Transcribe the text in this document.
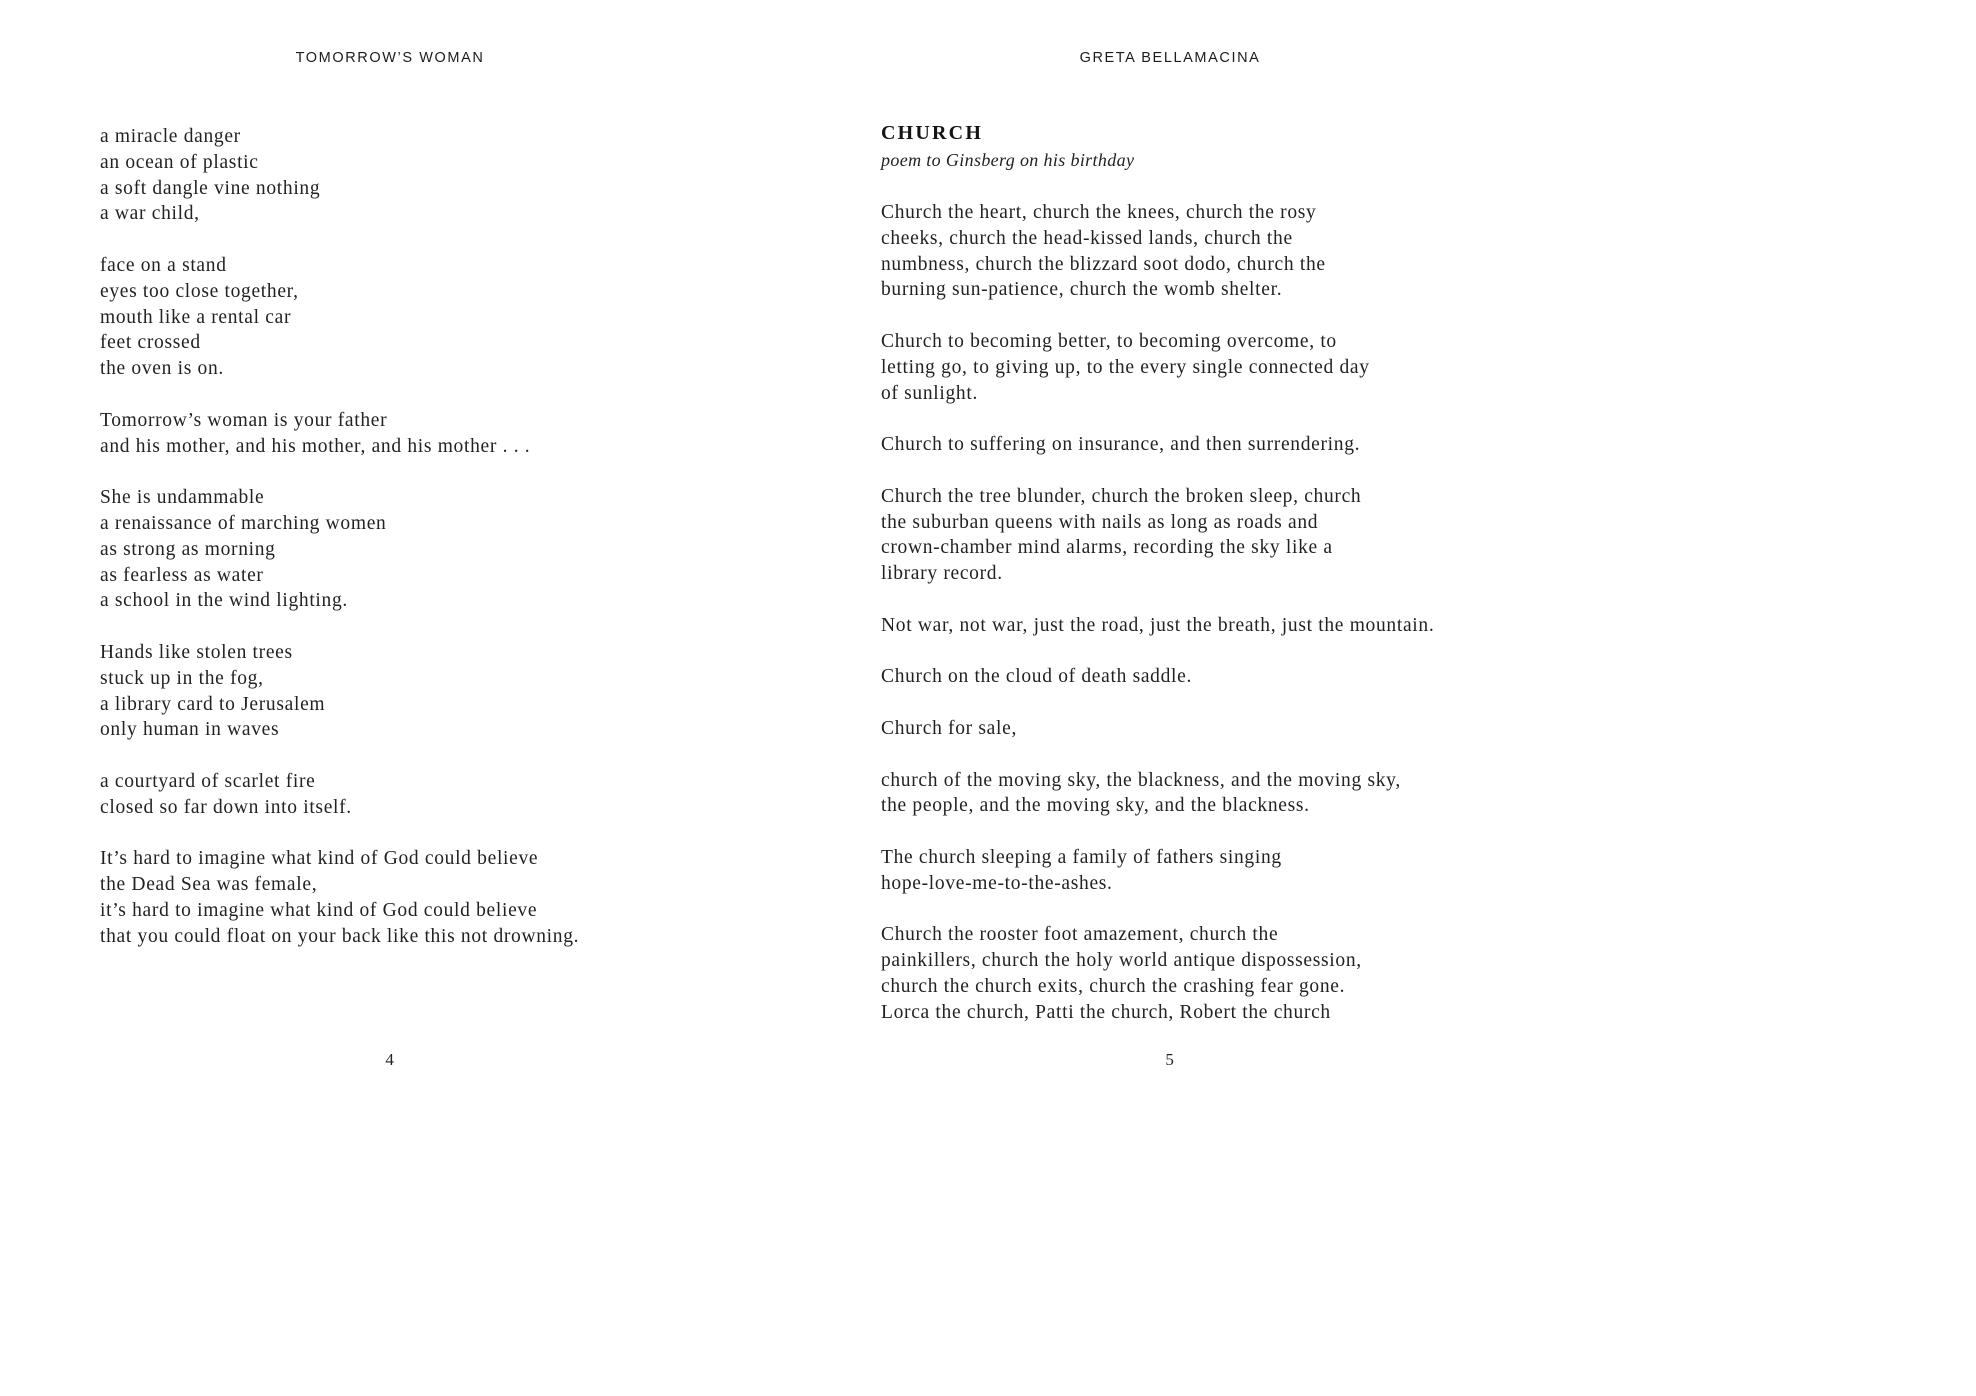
TOMORROW’S WOMAN
a miracle danger
an ocean of plastic
a soft dangle vine nothing
a war child,
face on a stand
eyes too close together,
mouth like a rental car
feet crossed
the oven is on.
Tomorrow’s woman is your father
and his mother, and his mother, and his mother . . .
She is undammable
a renaissance of marching women
as strong as morning
as fearless as water
a school in the wind lighting.
Hands like stolen trees
stuck up in the fog,
a library card to Jerusalem
only human in waves
a courtyard of scarlet fire
closed so far down into itself.
It’s hard to imagine what kind of God could believe
the Dead Sea was female,
it’s hard to imagine what kind of God could believe
that you could float on your back like this not drowning.
4
GRETA BELLAMACINA
CHURCH
poem to Ginsberg on his birthday
Church the heart, church the knees, church the rosy
cheeks, church the head-kissed lands, church the
numbness, church the blizzard soot dodo, church the
burning sun-patience, church the womb shelter.
Church to becoming better, to becoming overcome, to
letting go, to giving up, to the every single connected day
of sunlight.
Church to suffering on insurance, and then surrendering.
Church the tree blunder, church the broken sleep, church
the suburban queens with nails as long as roads and
crown-chamber mind alarms, recording the sky like a
library record.
Not war, not war, just the road, just the breath, just the mountain.
Church on the cloud of death saddle.
Church for sale,
church of the moving sky, the blackness, and the moving sky,
the people, and the moving sky, and the blackness.
The church sleeping a family of fathers singing
hope-love-me-to-the-ashes.
Church the rooster foot amazement, church the
painkillers, church the holy world antique dispossession,
church the church exits, church the crashing fear gone.
Lorca the church, Patti the church, Robert the church
5
